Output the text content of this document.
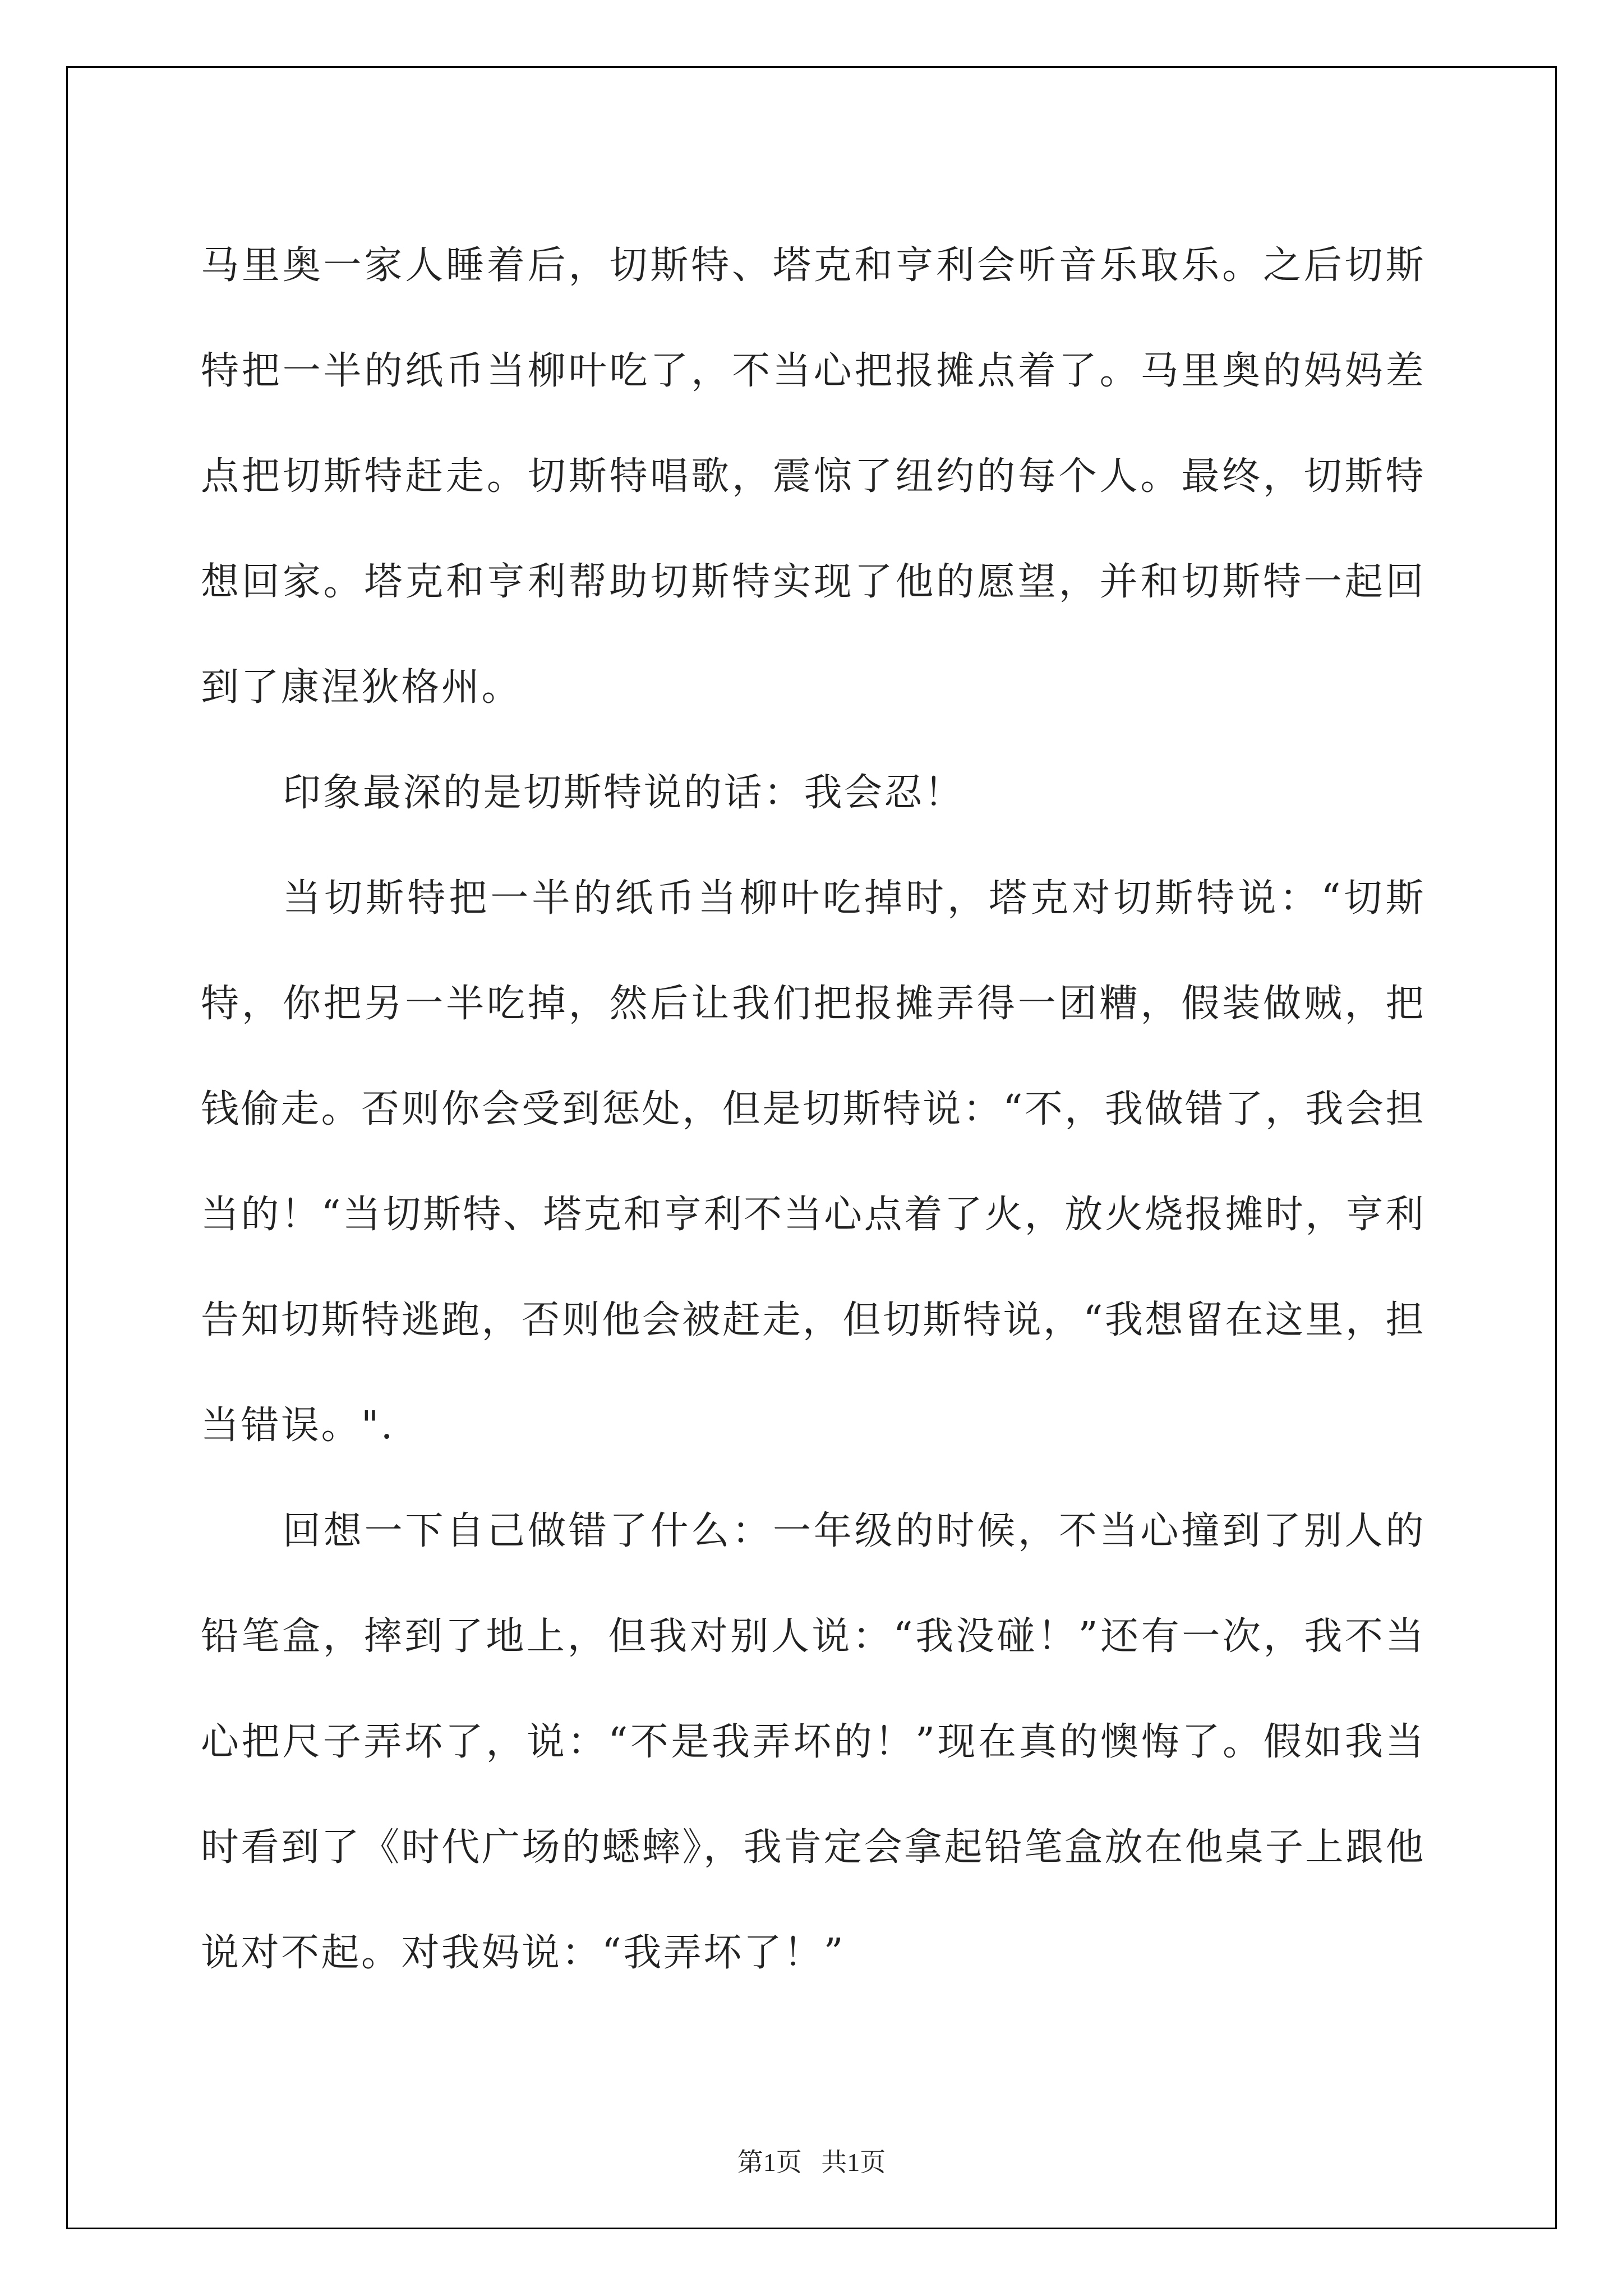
马里奥一家人睡着后，切斯特、塔克和亨利会听音乐取乐。之后切斯特把一半的纸币当柳叶吃了，不当心把报摊点着了。马里奥的妈妈差点把切斯特赶走。切斯特唱歌，震惊了纽约的每个人。最终，切斯特想回家。塔克和亨利帮助切斯特实现了他的愿望，并和切斯特一起回到了康涅狄格州。

印象最深的是切斯特说的话：我会忍！

当切斯特把一半的纸币当柳叶吃掉时，塔克对切斯特说：“切斯特，你把另一半吃掉，然后让我们把报摊弄得一团糟，假装做贼，把钱偷走。否则你会受到惩处，但是切斯特说：“不，我做错了，我会担当的！“当切斯特、塔克和亨利不当心点着了火，放火烧报摊时，亨利告知切斯特逃跑，否则他会被赶走，但切斯特说，“我想留在这里，担当错误。".

回想一下自己做错了什么：一年级的时候，不当心撞到了别人的铅笔盒，摔到了地上，但我对别人说：“我没碰！”还有一次，我不当心把尺子弄坏了，说：“不是我弄坏的！”现在真的懊悔了。假如我当时看到了《时代广场的蟋蟀》，我肯定会拿起铅笔盒放在他桌子上跟他说对不起。对我妈说：“我弄坏了！”

第1页 共1页
